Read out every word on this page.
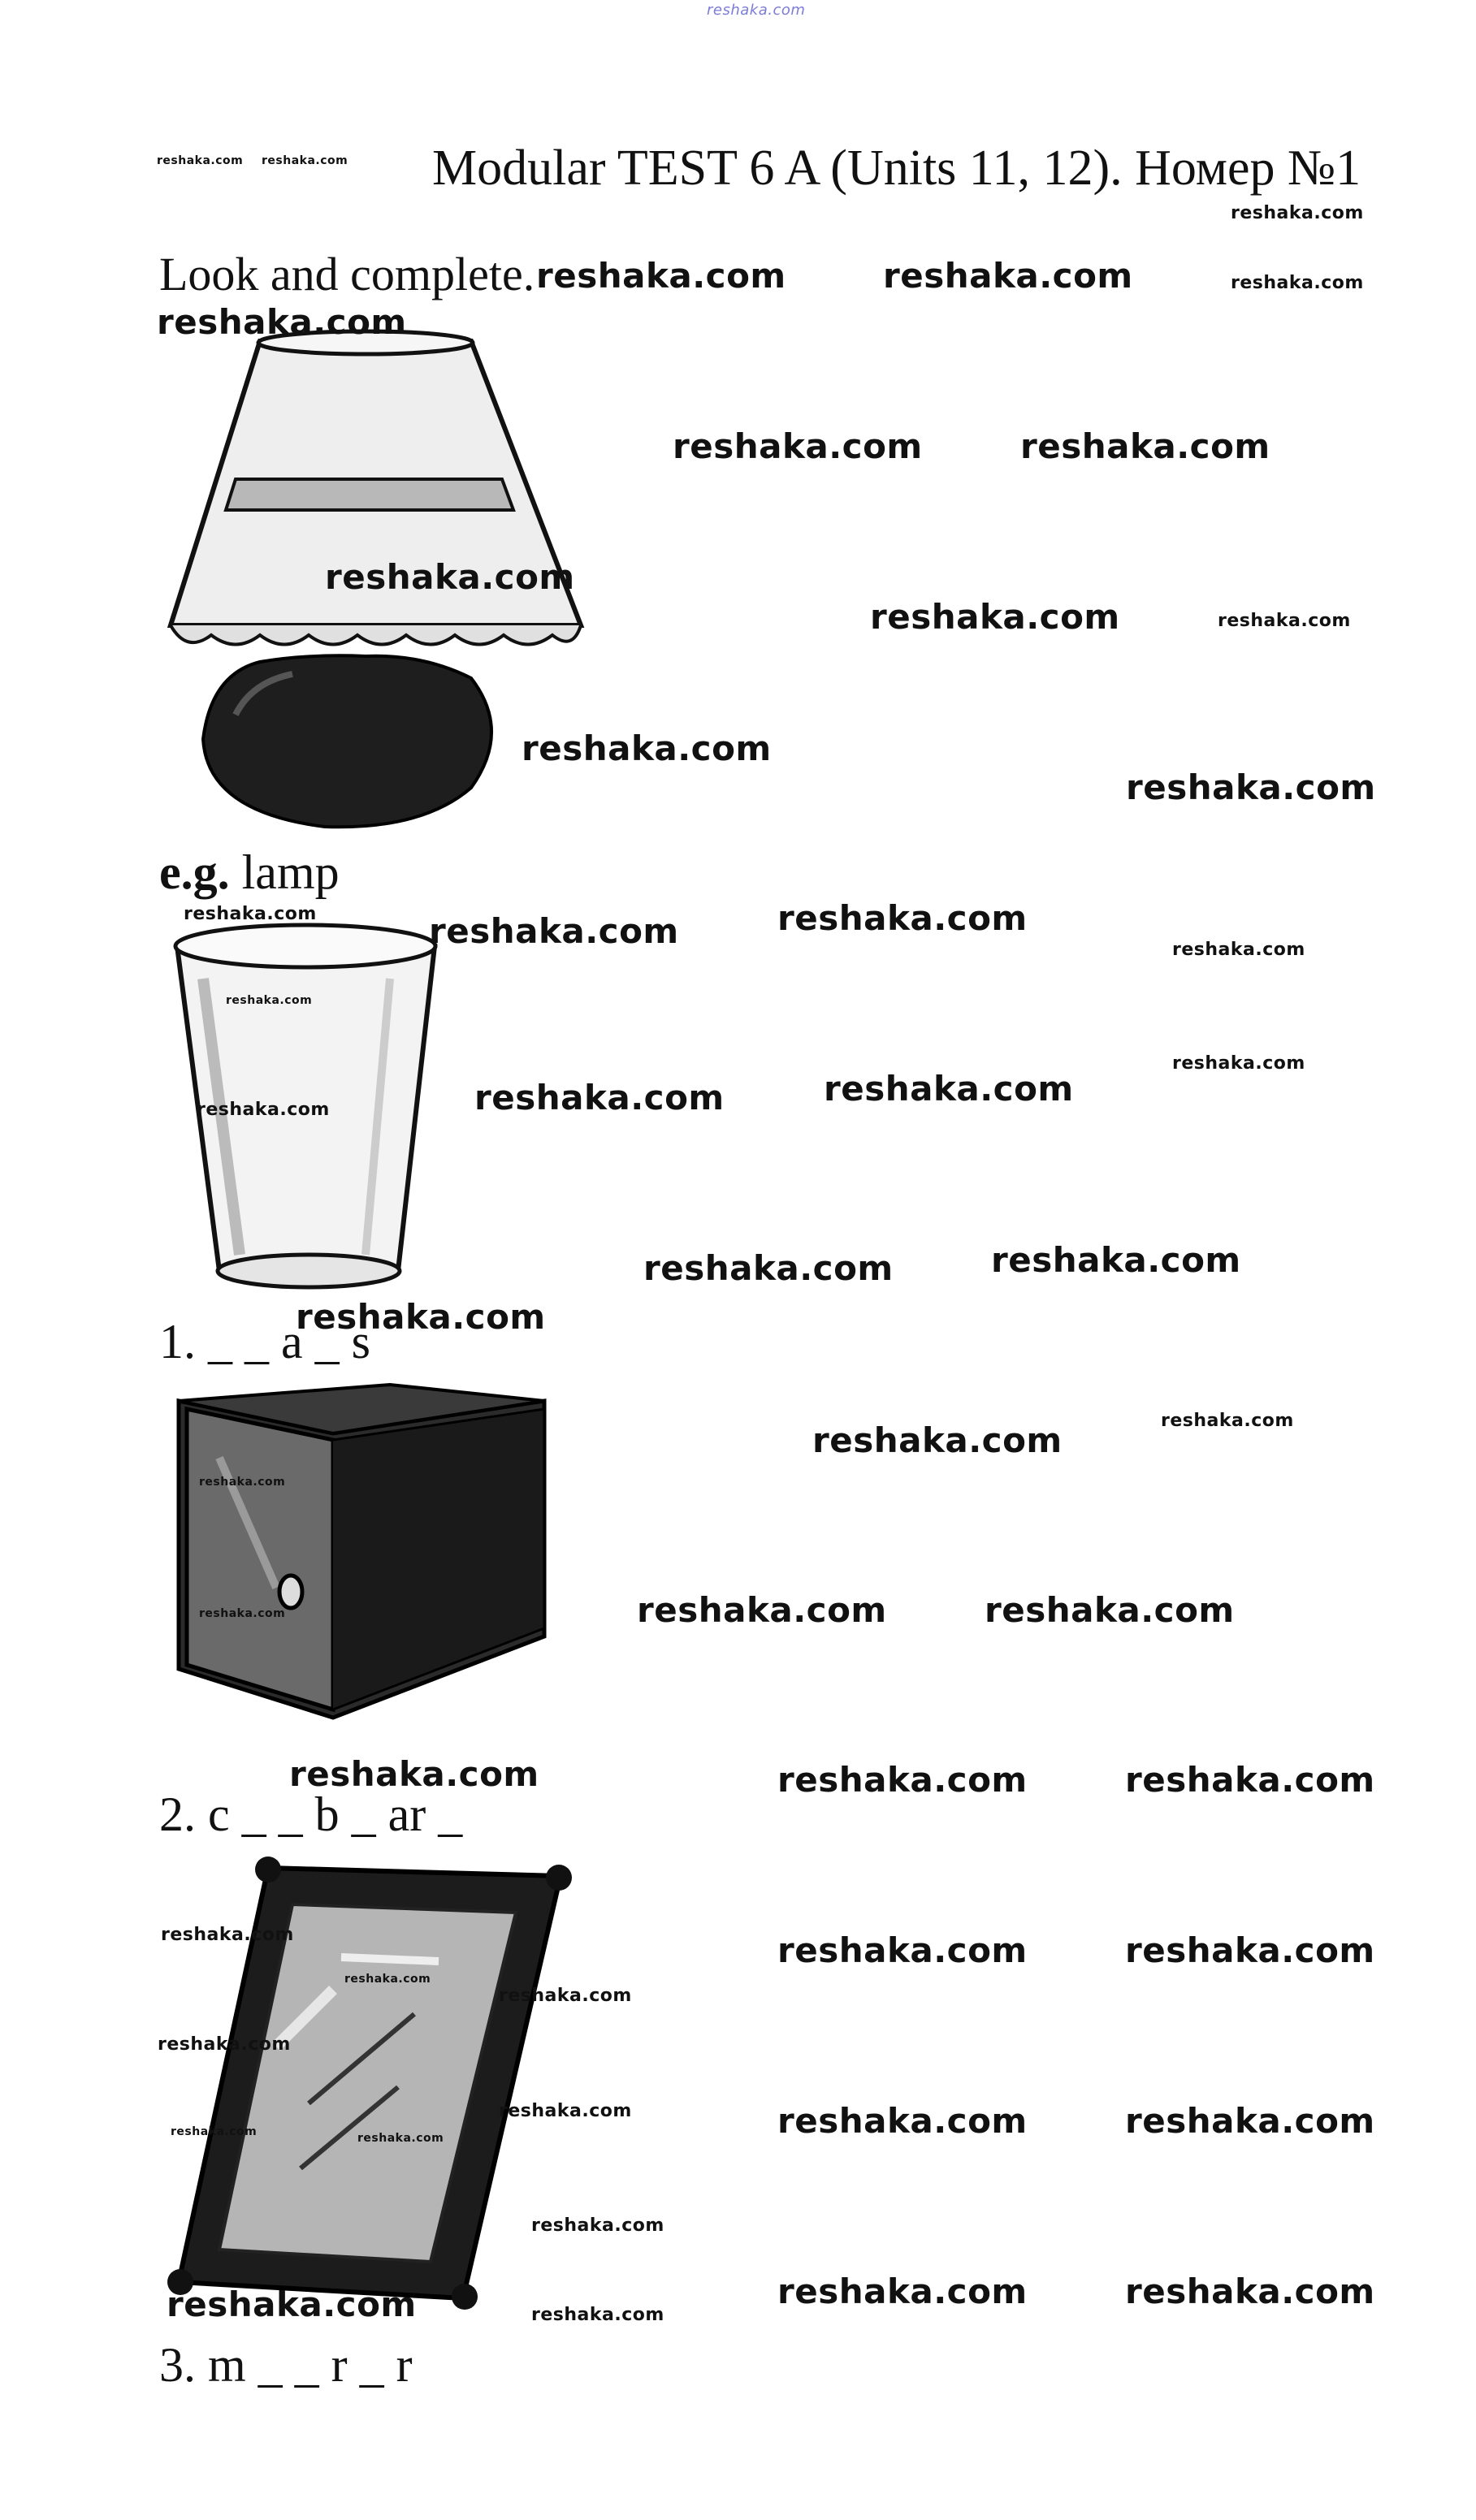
reshaka.com
Modular TEST 6 A (Units 11, 12). Номер №1
Look and complete.
e.g. lamp
1. _ _ a _ s
2. c _ _ b _ ar _
3. m _ _ r _ r
reshaka.com reshaka.com
reshaka.com
reshaka.com	reshaka.com	reshaka.com
reshaka.com
reshaka.com	reshaka.com
reshaka.com
reshaka.com	reshaka.com
reshaka.com
reshaka.com
reshaka.com	reshaka.com
reshaka.com	reshaka.com
reshaka.com
reshaka.com
reshaka.com
reshaka.com
reshaka.com
reshaka.com
reshaka.com
reshaka.com
reshaka.com
reshaka.com
reshaka.com
reshaka.com	reshaka.com
reshaka.com
reshaka.com	reshaka.com	reshaka.com
reshaka.com	reshaka.com	reshaka.com
reshaka.com
reshaka.com
reshaka.com
reshaka.com	reshaka.com	reshaka.com
reshaka.com	reshaka.com
reshaka.com
reshaka.com	reshaka.com	reshaka.com
reshaka.com
